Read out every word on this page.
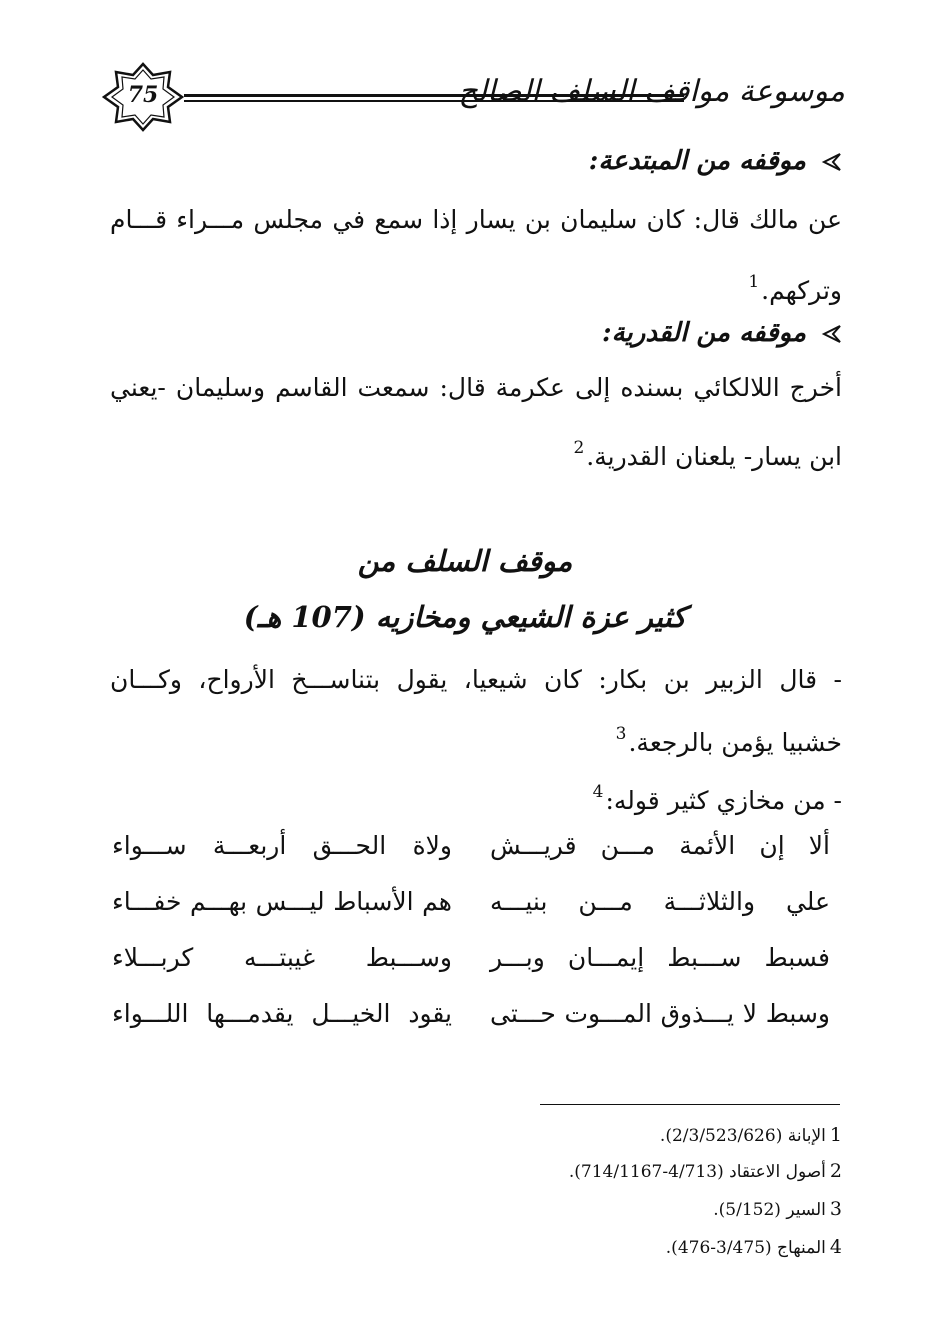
75	موسوعة مواقف السلف الصالح
موقفه من المبتدعة:
عن مالك قال: كان سليمان بن يسار إذا سمع في مجلس مـــراء قـــام
وتركهم.$^1$
موقفه من القدرية:
أخرج اللالكائي بسنده إلى عكرمة قال: سمعت القاسم وسليمان -يعني
ابن يسار- يلعنان القدرية.$^2$
موقف السلف من
كثير عزة الشيعي ومخازيه (107 هـ)
- قال الزبير بن بكار: كان شيعيا، يقول بتناســـخ الأرواح، وكـــان
خشبيا يؤمن بالرجعة.$^3$
- من مخازي كثير قوله:$^4$
ألا إن الأئمة مـــن قريـــش
ولاة الحـــق أربعـــة ســـواء
علي والثلاثـــة مـــن بنيـــه
هم الأسباط ليـــس بهـــم خفـــاء
فسبط ســـبط إيمـــان وبـــر
وســـبط غيبتـــه كربـــلاء
وسبط لا يـــذوق المـــوت حـــتى
يقود الخيـــل يقدمـــها اللـــواء
1الإبانة (2/3/523/626).
2أصول الاعتقاد (4/713-714/1167).
3السير (5/152).
4المنهاج (3/475-476).
